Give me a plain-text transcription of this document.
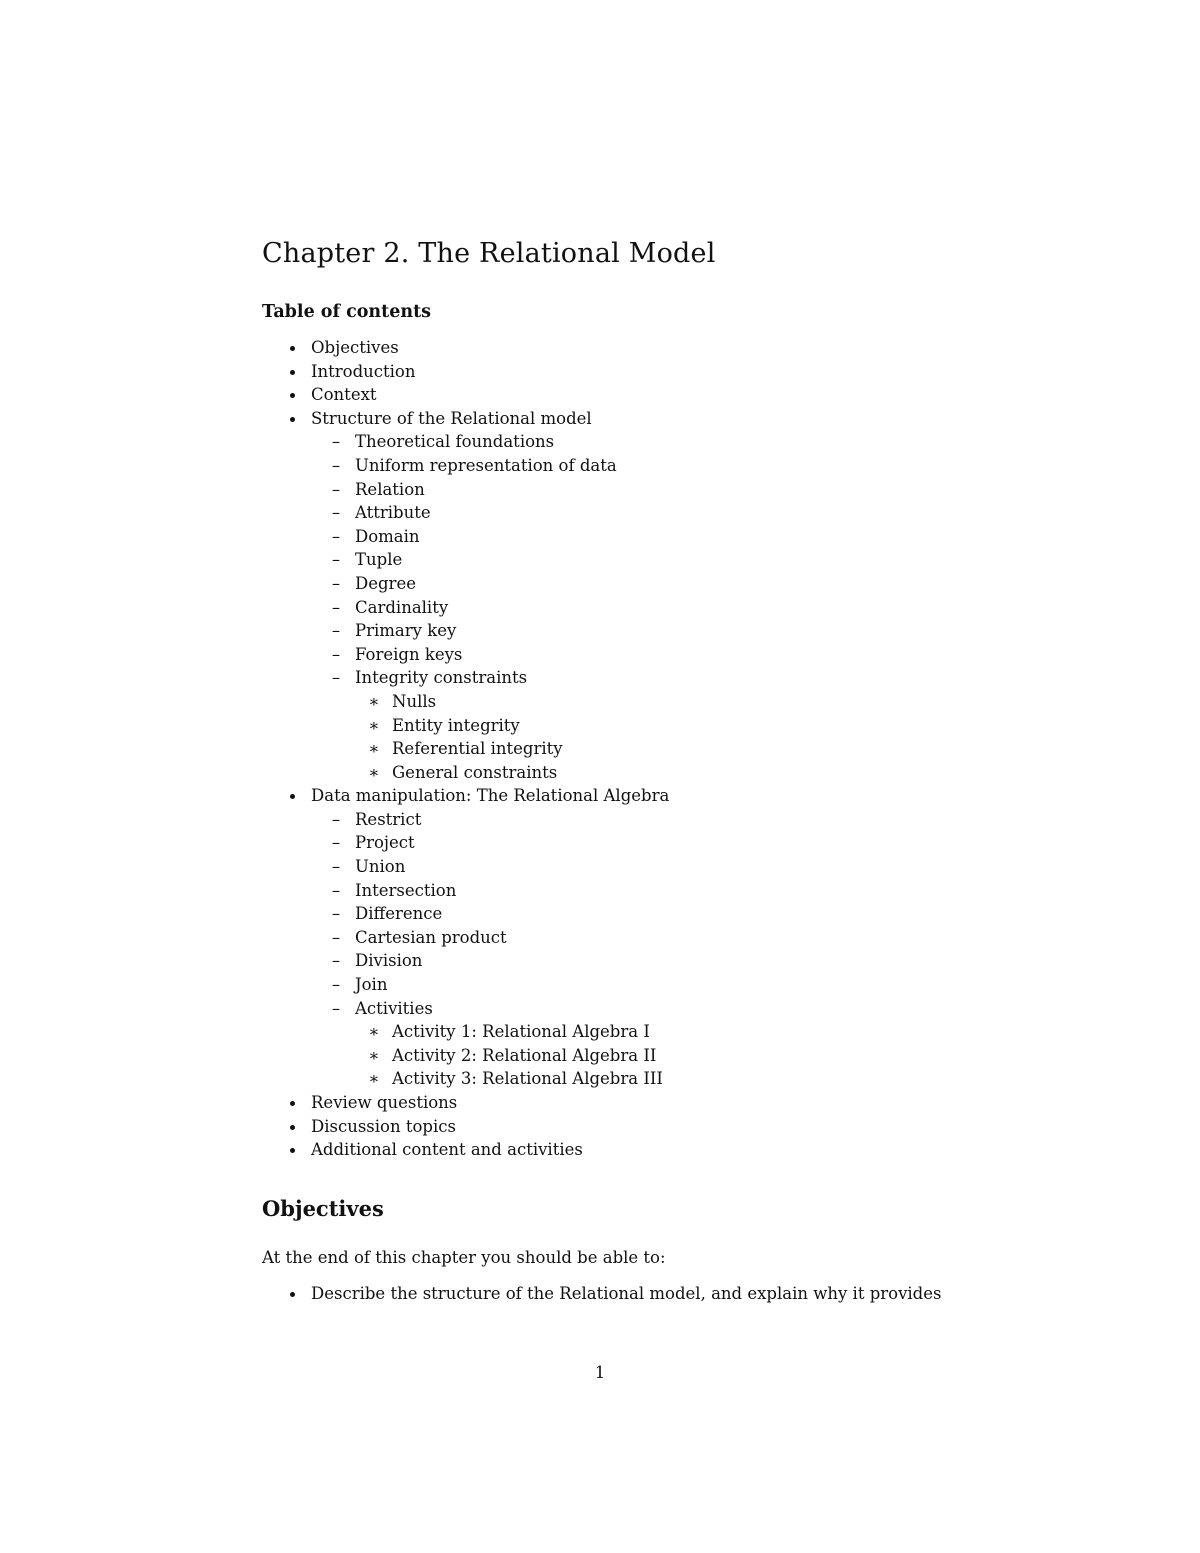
Chapter 2. The Relational Model
Table of contents
Objectives
Introduction
Context
Structure of the Relational model
– Theoretical foundations
– Uniform representation of data
– Relation
– Attribute
– Domain
– Tuple
– Degree
– Cardinality
– Primary key
– Foreign keys
– Integrity constraints
∗ Nulls
∗ Entity integrity
∗ Referential integrity
∗ General constraints
Data manipulation: The Relational Algebra
– Restrict
– Project
– Union
– Intersection
– Difference
– Cartesian product
– Division
– Join
– Activities
∗ Activity 1: Relational Algebra I
∗ Activity 2: Relational Algebra II
∗ Activity 3: Relational Algebra III
Review questions
Discussion topics
Additional content and activities
Objectives

At the end of this chapter you should be able to:

Describe the structure of the Relational model, and explain why it provides

1
